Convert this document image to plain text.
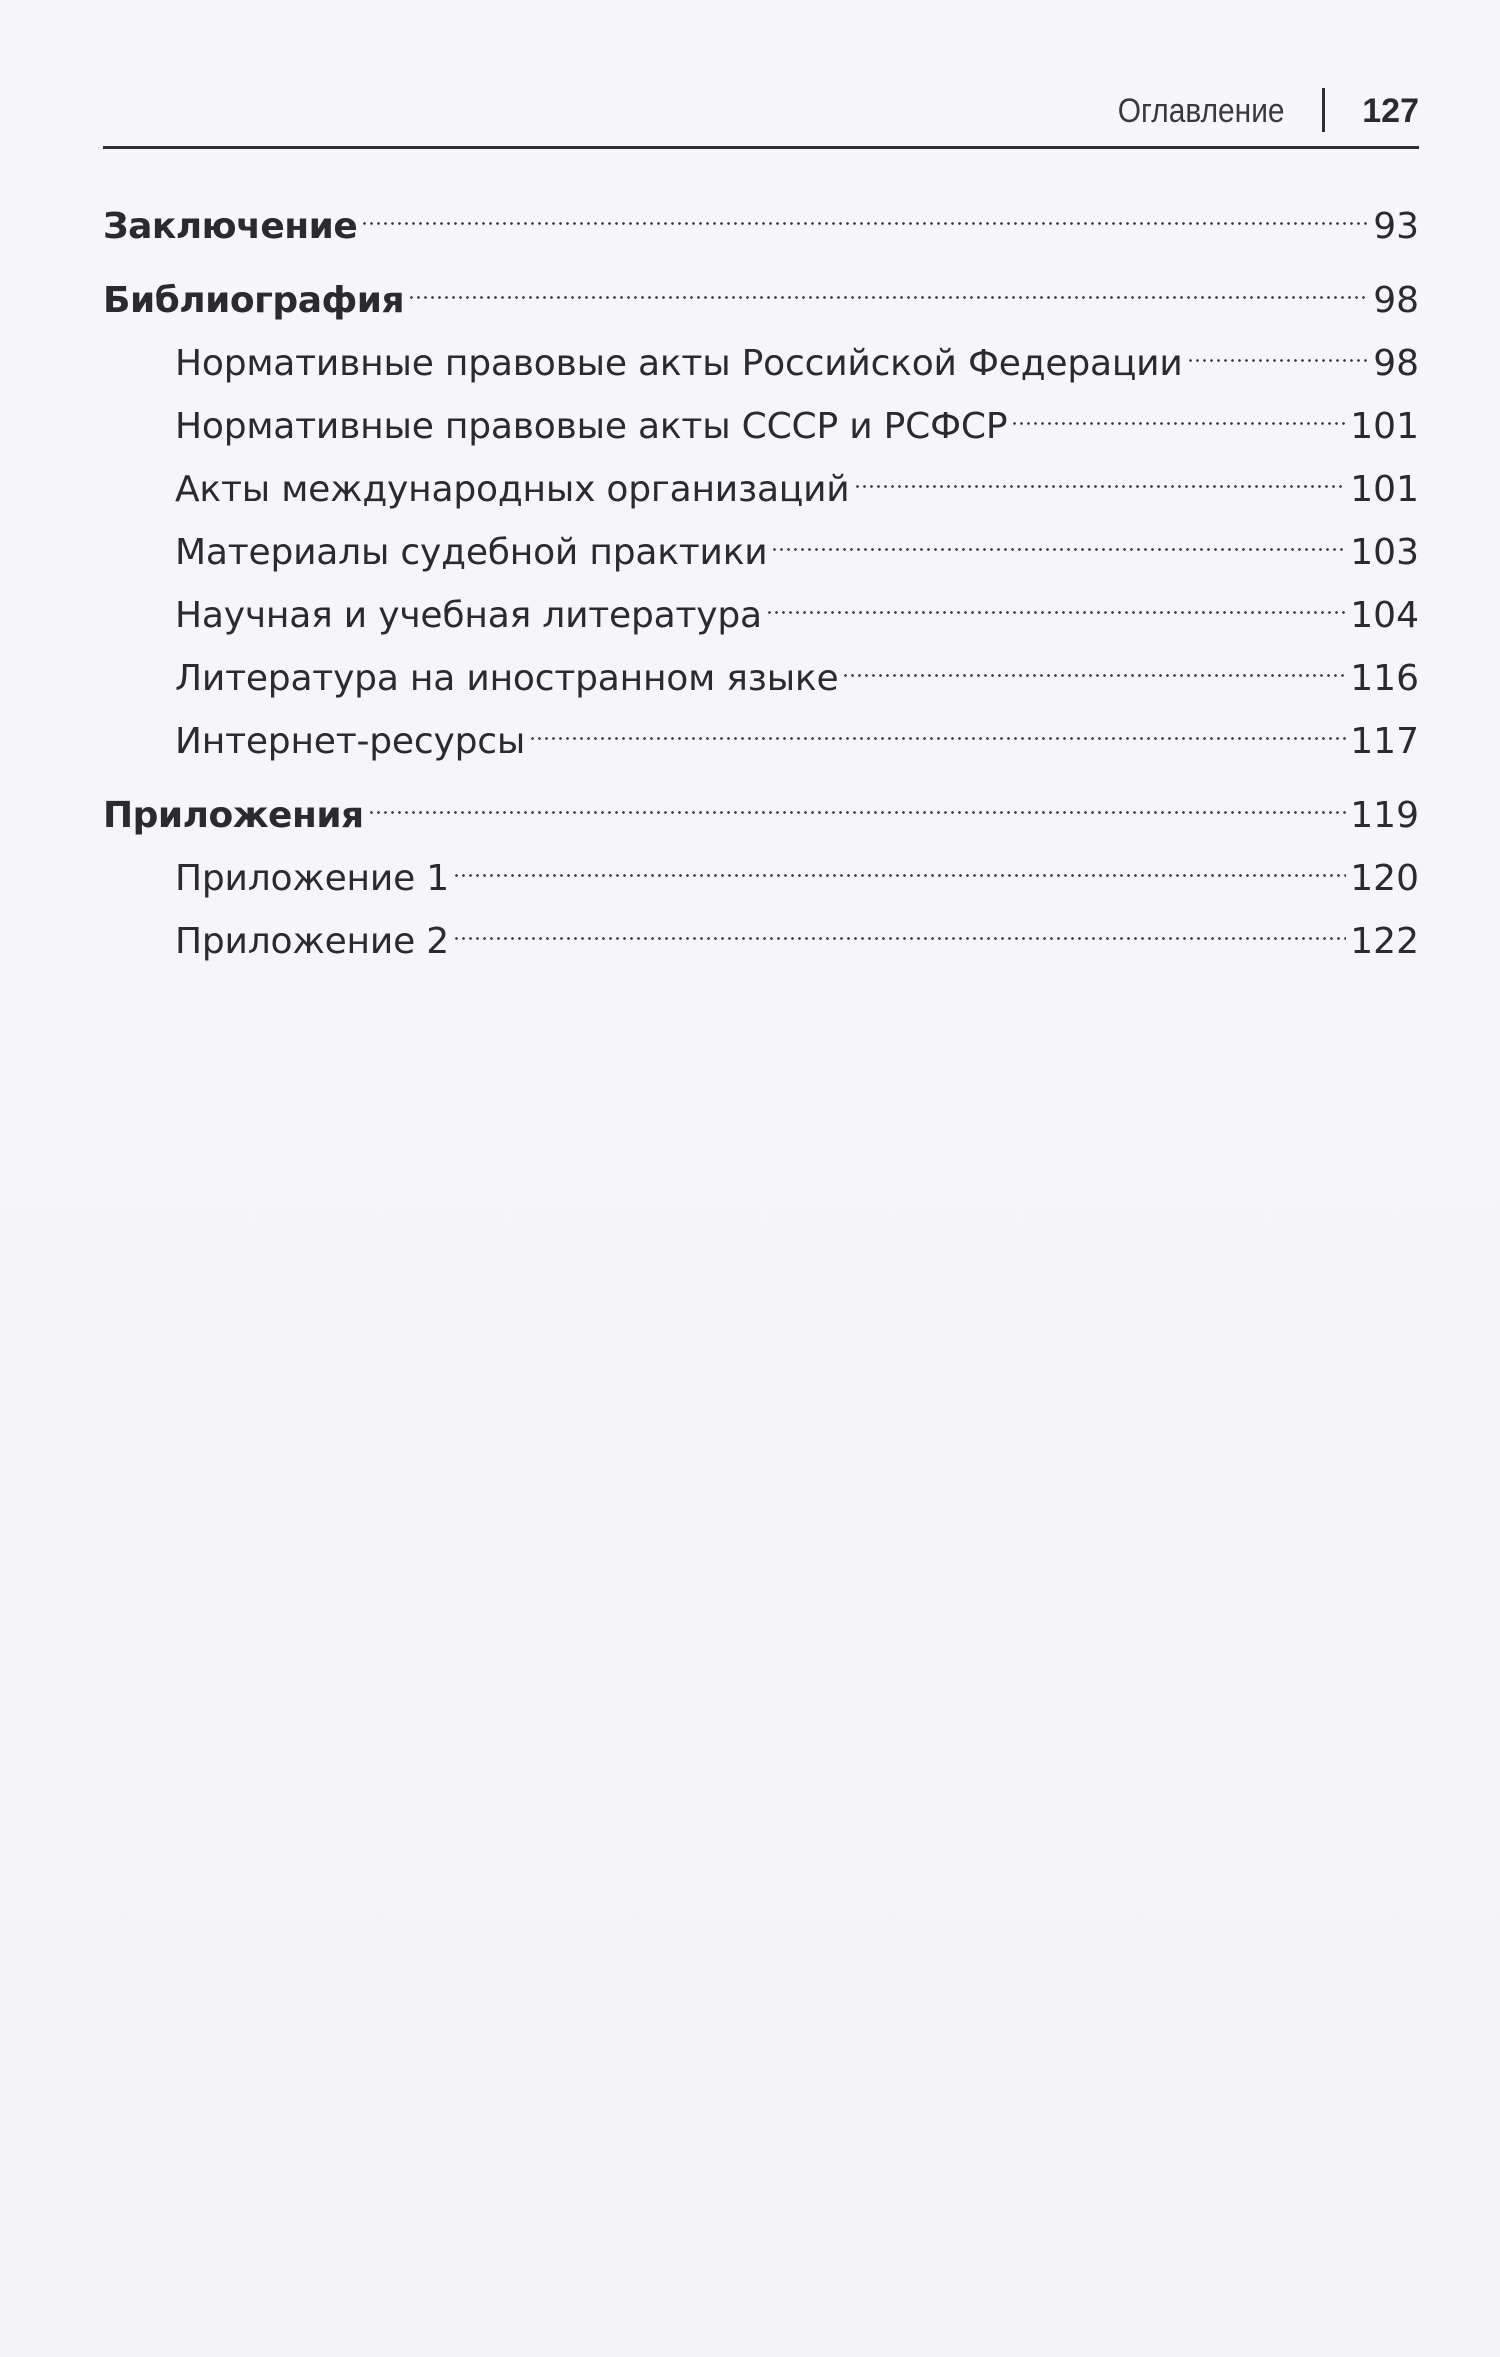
Оглавление 127
Заключение	93
Библиография	98
Нормативные правовые акты Российской Федерации	98
Нормативные правовые акты СССР и РСФСР	101
Акты международных организаций	101
Материалы судебной практики	103
Научная и учебная литература	104
Литература на иностранном языке	116
Интернет-ресурсы	117
Приложения	119
Приложение 1	120
Приложение 2	122
